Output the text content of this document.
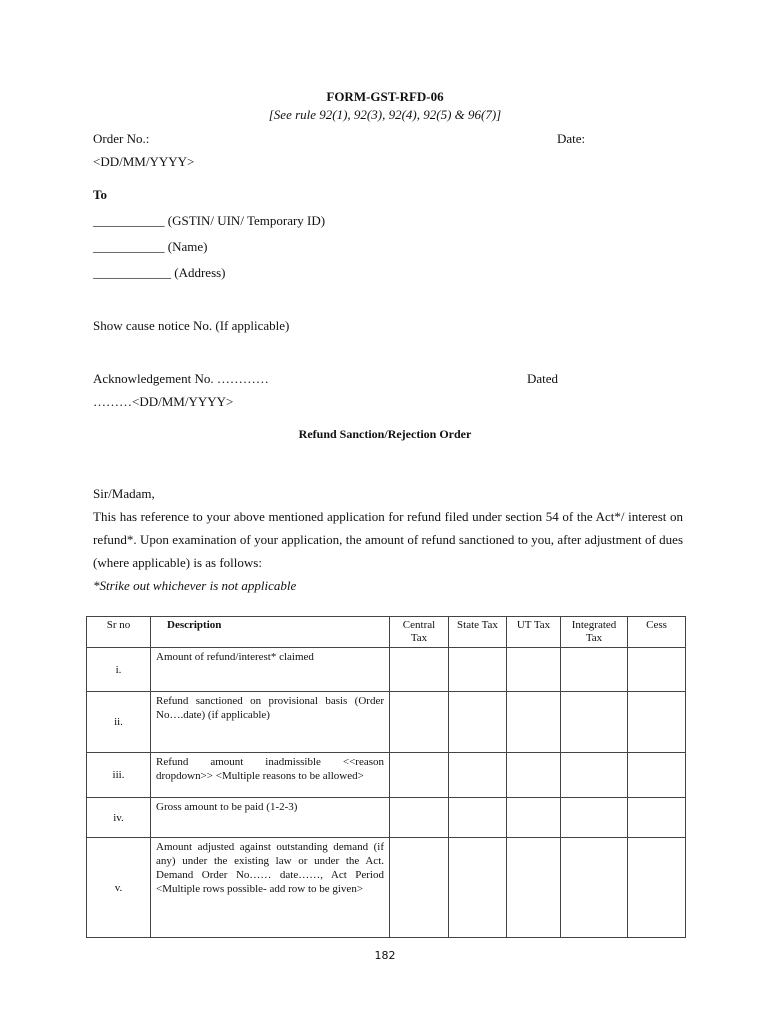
FORM-GST-RFD-06
[See rule 92(1), 92(3), 92(4), 92(5) & 96(7)]
Order No.:	Date:
<DD/MM/YYYY>
To
___________ (GSTIN/ UIN/ Temporary ID)
___________ (Name)
____________ (Address)
Show cause notice No. (If applicable)
Acknowledgement No. …………	Dated
………<DD/MM/YYYY>
Refund Sanction/Rejection Order
Sir/Madam,
This has reference to your above mentioned application for refund filed under section 54 of the Act*/ interest on refund*. Upon examination of your application, the amount of refund sanctioned to you, after adjustment of dues (where applicable) is as follows:
*Strike out whichever is not applicable
Sr no	Description	Central Tax	State Tax	UT Tax	Integrated Tax	Cess
i.	Amount of refund/interest* claimed					
ii.	Refund sanctioned on provisional basis (Order No….date) (if applicable)					
iii.	Refund amount inadmissible <<reason dropdown>> <Multiple reasons to be allowed>					
iv.	Gross amount to be paid (1-2-3)					
v.	Amount adjusted against outstanding demand (if any) under the existing law or under the Act. Demand Order No…… date……, Act Period <Multiple rows possible- add row to be given>					
182
